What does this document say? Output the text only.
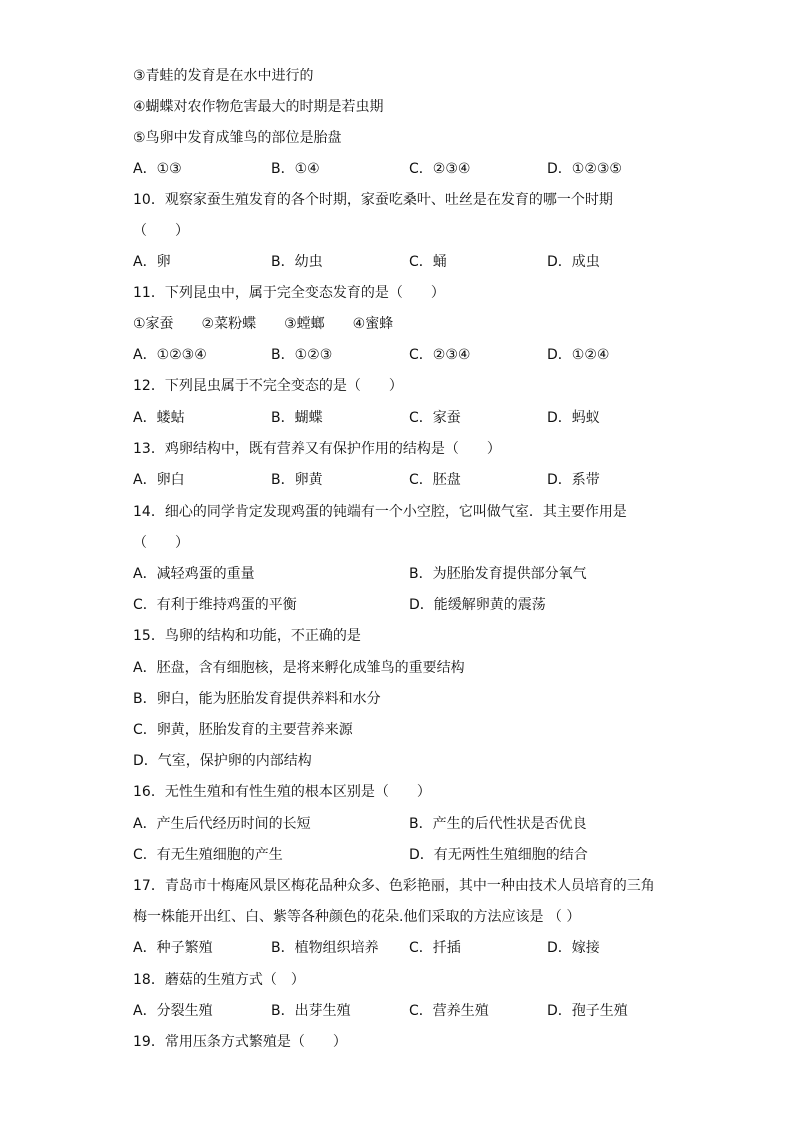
③青蛙的发育是在水中进行的
④蝴蝶对农作物危害最大的时期是若虫期
⑤鸟卵中发育成雏鸟的部位是胎盘
A．①③	B．①④	C．②③④	D．①②③⑤
10．观察家蚕生殖发育的各个时期，家蚕吃桑叶、吐丝是在发育的哪一个时期
（　　）
A．卵	B．幼虫	C．蛹	D．成虫
11．下列昆虫中，属于完全变态发育的是（　　）
①家蚕　　②菜粉蝶　　③螳螂　　④蜜蜂
A．①②③④	B．①②③	C．②③④	D．①②④
12．下列昆虫属于不完全变态的是（　　）
A．蝼蛄	B．蝴蝶	C．家蚕	D．蚂蚁
13．鸡卵结构中，既有营养又有保护作用的结构是（　　）
A．卵白	B．卵黄	C．胚盘	D．系带
14．细心的同学肯定发现鸡蛋的钝端有一个小空腔，它叫做气室．其主要作用是
（　　）
A．减轻鸡蛋的重量	B．为胚胎发育提供部分氧气
C．有利于维持鸡蛋的平衡	D．能缓解卵黄的震荡
15．鸟卵的结构和功能，不正确的是
A．胚盘，含有细胞核，是将来孵化成雏鸟的重要结构
B．卵白，能为胚胎发育提供养料和水分
C．卵黄，胚胎发育的主要营养来源
D．气室，保护卵的内部结构
16．无性生殖和有性生殖的根本区别是（　　）
A．产生后代经历时间的长短	B．产生的后代性状是否优良
C．有无生殖细胞的产生	D．有无两性生殖细胞的结合
17．青岛市十梅庵风景区梅花品种众多、色彩艳丽，其中一种由技术人员培育的三角
梅一株能开出红、白、紫等各种颜色的花朵.他们采取的方法应该是 （ ）
A．种子繁殖	B．植物组织培养 C．扦插	D．嫁接
18．蘑菇的生殖方式（　）
A．分裂生殖	B．出芽生殖	C．营养生殖	D．孢子生殖
19．常用压条方式繁殖是（　　）
